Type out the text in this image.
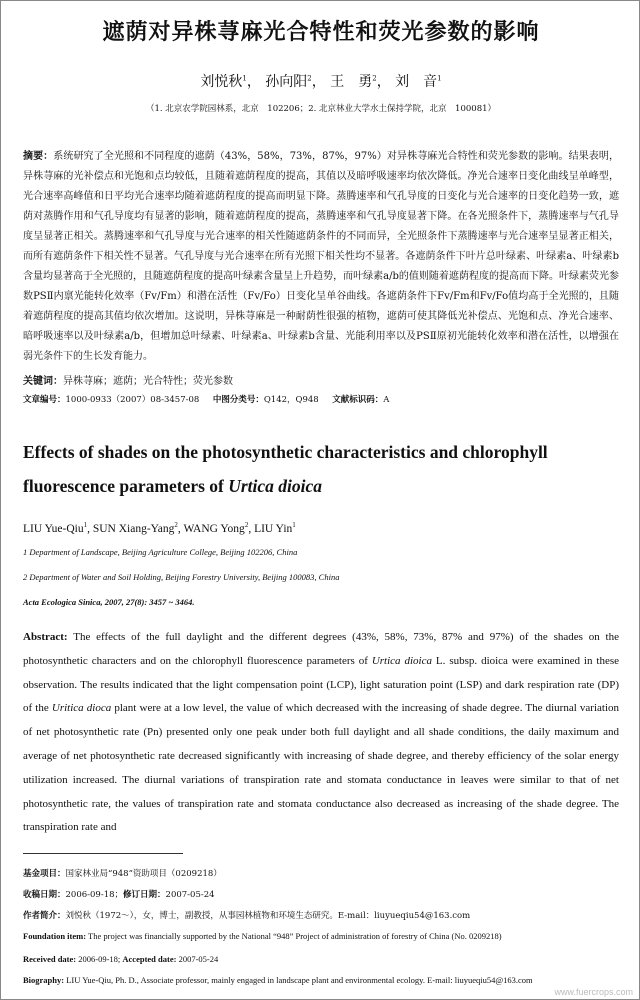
遮荫对异株荨麻光合特性和荧光参数的影响
刘悦秋$^1$， 孙向阳$^2$， 王　勇$^2$， 刘　音$^1$
（1. 北京农学院园林系，北京　102206；2. 北京林业大学水土保持学院，北京　100081）
摘要：系统研究了全光照和不同程度的遮荫（43%，58%，73%，87%，97%）对异株荨麻光合特性和荧光参数的影响。结果表明，异株荨麻的光补偿点和光饱和点均较低，且随着遮荫程度的提高，其值以及暗呼吸速率均依次降低。净光合速率日变化曲线呈单峰型，光合速率高峰值和日平均光合速率均随着遮荫程度的提高而明显下降。蒸腾速率和气孔导度的日变化与光合速率的日变化趋势一致，遮荫对蒸腾作用和气孔导度均有显著的影响，随着遮荫程度的提高，蒸腾速率和气孔导度显著下降。在各光照条件下，蒸腾速率与气孔导度呈显著正相关。蒸腾速率和气孔导度与光合速率的相关性随遮荫条件的不同而异，全光照条件下蒸腾速率与光合速率呈显著正相关，而所有遮荫条件下相关性不显著。气孔导度与光合速率在所有光照下相关性均不显著。各遮荫条件下叶片总叶绿素、叶绿素a、叶绿素b含量均显著高于全光照的，且随遮荫程度的提高叶绿素含量呈上升趋势，而叶绿素a/b的值则随着遮荫程度的提高而下降。叶绿素荧光参数PSⅡ内禀光能转化效率（Fv/Fm）和潜在活性（Fv/Fo）日变化呈单谷曲线。各遮荫条件下Fv/Fm和Fv/Fo值均高于全光照的，且随着遮荫程度的提高其值均依次增加。这说明，异株荨麻是一种耐荫性很强的植物，遮荫可使其降低光补偿点、光饱和点、净光合速率、暗呼吸速率以及叶绿素a/b，但增加总叶绿素、叶绿素a、叶绿素b含量、光能利用率以及PSⅡ原初光能转化效率和潜在活性，以增强在弱光条件下的生长发育能力。
关键词：异株荨麻；遮荫；光合特性；荧光参数
文章编号：1000-0933（2007）08-3457-08 中图分类号：Q142，Q948 文献标识码：A
Effects of shades on the photosynthetic characteristics and chlorophyll
fluorescence parameters of Urtica dioica
LIU Yue-Qiu$^1$, SUN Xiang-Yang$^2$, WANG Yong$^2$, LIU Yin$^1$
1 Department of Landscape, Beijing Agriculture College, Beijing 102206, China
2 Department of Water and Soil Holding, Beijing Forestry University, Beijing 100083, China
Acta Ecologica Sinica, 2007, 27(8): 3457 ~ 3464.
Abstract: The effects of the full daylight and the different degrees (43%, 58%, 73%, 87% and 97%) of the shades on the photosynthetic characters and on the chlorophyll fluorescence parameters of Urtica dioica L. subsp. dioica were examined in these observation. The results indicated that the light compensation point (LCP), light saturation point (LSP) and dark respiration rate (DP) of the Uritica dioca plant were at a low level, the value of which decreased with the increasing of shade degree. The diurnal variation of net photosynthetic rate (Pn) presented only one peak under both full daylight and all shade conditions, the daily maximum and average of net photosynthetic rate decreased significantly with increasing of shade degree, and thereby efficiency of the solar energy utilization increased. The diurnal variations of transpiration rate and stomata conductance in leaves were similar to that of net photosynthetic rate, the values of transpiration rate and stomata conductance also decreased as increasing of the shade degree. The transpiration rate and
基金项目：国家林业局“948”资助项目（0209218）
收稿日期：2006-09-18；修订日期：2007-05-24
作者简介：刘悦秋（1972～），女，博士，副教授，从事园林植物和环境生态研究。E-mail：liuyueqiu54@163.com
Foundation item: The project was financially supported by the National “948” Project of administration of forestry of China (No. 0209218)
Received date: 2006-09-18; Accepted date: 2007-05-24
Biography: LIU Yue-Qiu, Ph. D., Associate professor, mainly engaged in landscape plant and environmental ecology. E-mail: liuyueqiu54@163.com
www.fuercrops.com
